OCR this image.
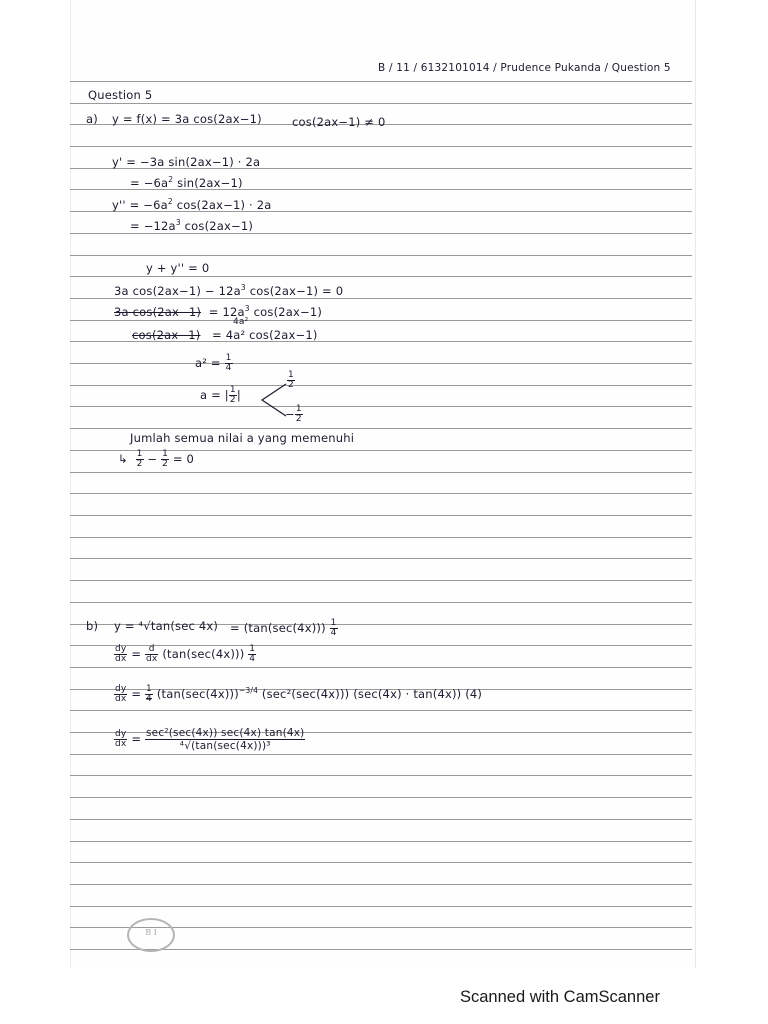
B / 11 / 6132101014 / Prudence Pukanda / Question 5
Question 5
a) y = f(x) = 3a cos(2ax−1)	cos(2ax−1) ≠ 0
y' = −3a sin(2ax−1) · 2a
= $-6a^2$ sin(2ax−1)
$y'' = -6a^2$ cos(2ax−1) · 2a
= $-12a^3$ cos(2ax−1)
y + y'' = 0
3a $\cos(2ax-1) - 12a^3$ cos(2ax−1) = 0
3a $\cos(2ax-1) = 12a^3$ cos(2ax−1)
4a²
cos(2ax−1) = 4a² cos(2ax−1)
$a^2 = \frac{1}{4}$
a = | $\frac{1}{2}$ |
$\frac{1}{2}$
− $\frac{1}{2}$
Jumlah semua nilai a yang memenuhi
↳ $\frac{1}{2} - \frac{1}{2} = 0$
b) y = ⁴√tan(sec $4x) = (\tan(\sec(4x))) \frac{1}{4}$
$\frac{dy}{dx} = \frac{d}{dx} (\tan(\sec(4x))) \frac{1}{4}$
$\frac{dy}{dx} = \frac{1}{4} (\tan(\sec(4x)))^{-3/4}$ (sec²(sec(4x))) (sec(4x) · tan(4x)) (4)
$\frac{dy}{dx} = \frac{\text{sec²(sec(4x)) sec(4x) tan(4x)}}{\text{⁴√(tan(sec(4x)))³}}$
B I
Scanned with CamScanner
